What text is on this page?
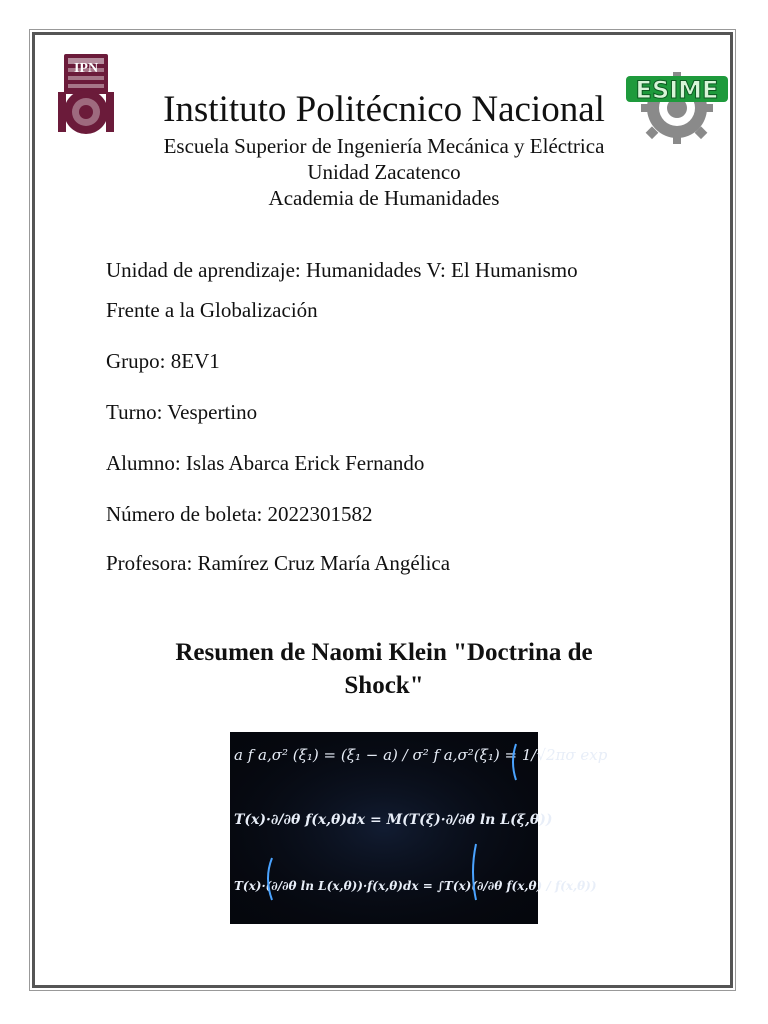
IPN
ESIME
Instituto Politécnico Nacional
Escuela Superior de Ingeniería Mecánica y Eléctrica
Unidad Zacatenco
Academia de Humanidades
Unidad de aprendizaje: Humanidades V: El Humanismo
Frente a la Globalización
Grupo: 8EV1
Turno: Vespertino
Alumno: Islas Abarca Erick Fernando
Número de boleta: 2022301582
Profesora: Ramírez Cruz María Angélica
Resumen de Naomi Klein "Doctrina de
Shock"
a f a,σ² (ξ₁) = (ξ₁ − a) / σ² f a,σ²(ξ₁) = 1/√2πσ exp
T(x)·∂/∂θ f(x,θ)dx = M(T(ξ)·∂/∂θ ln L(ξ,θ))
T(x)·(∂/∂θ ln L(x,θ))·f(x,θ)dx = ∫T(x)(∂/∂θ f(x,θ) / f(x,θ))
